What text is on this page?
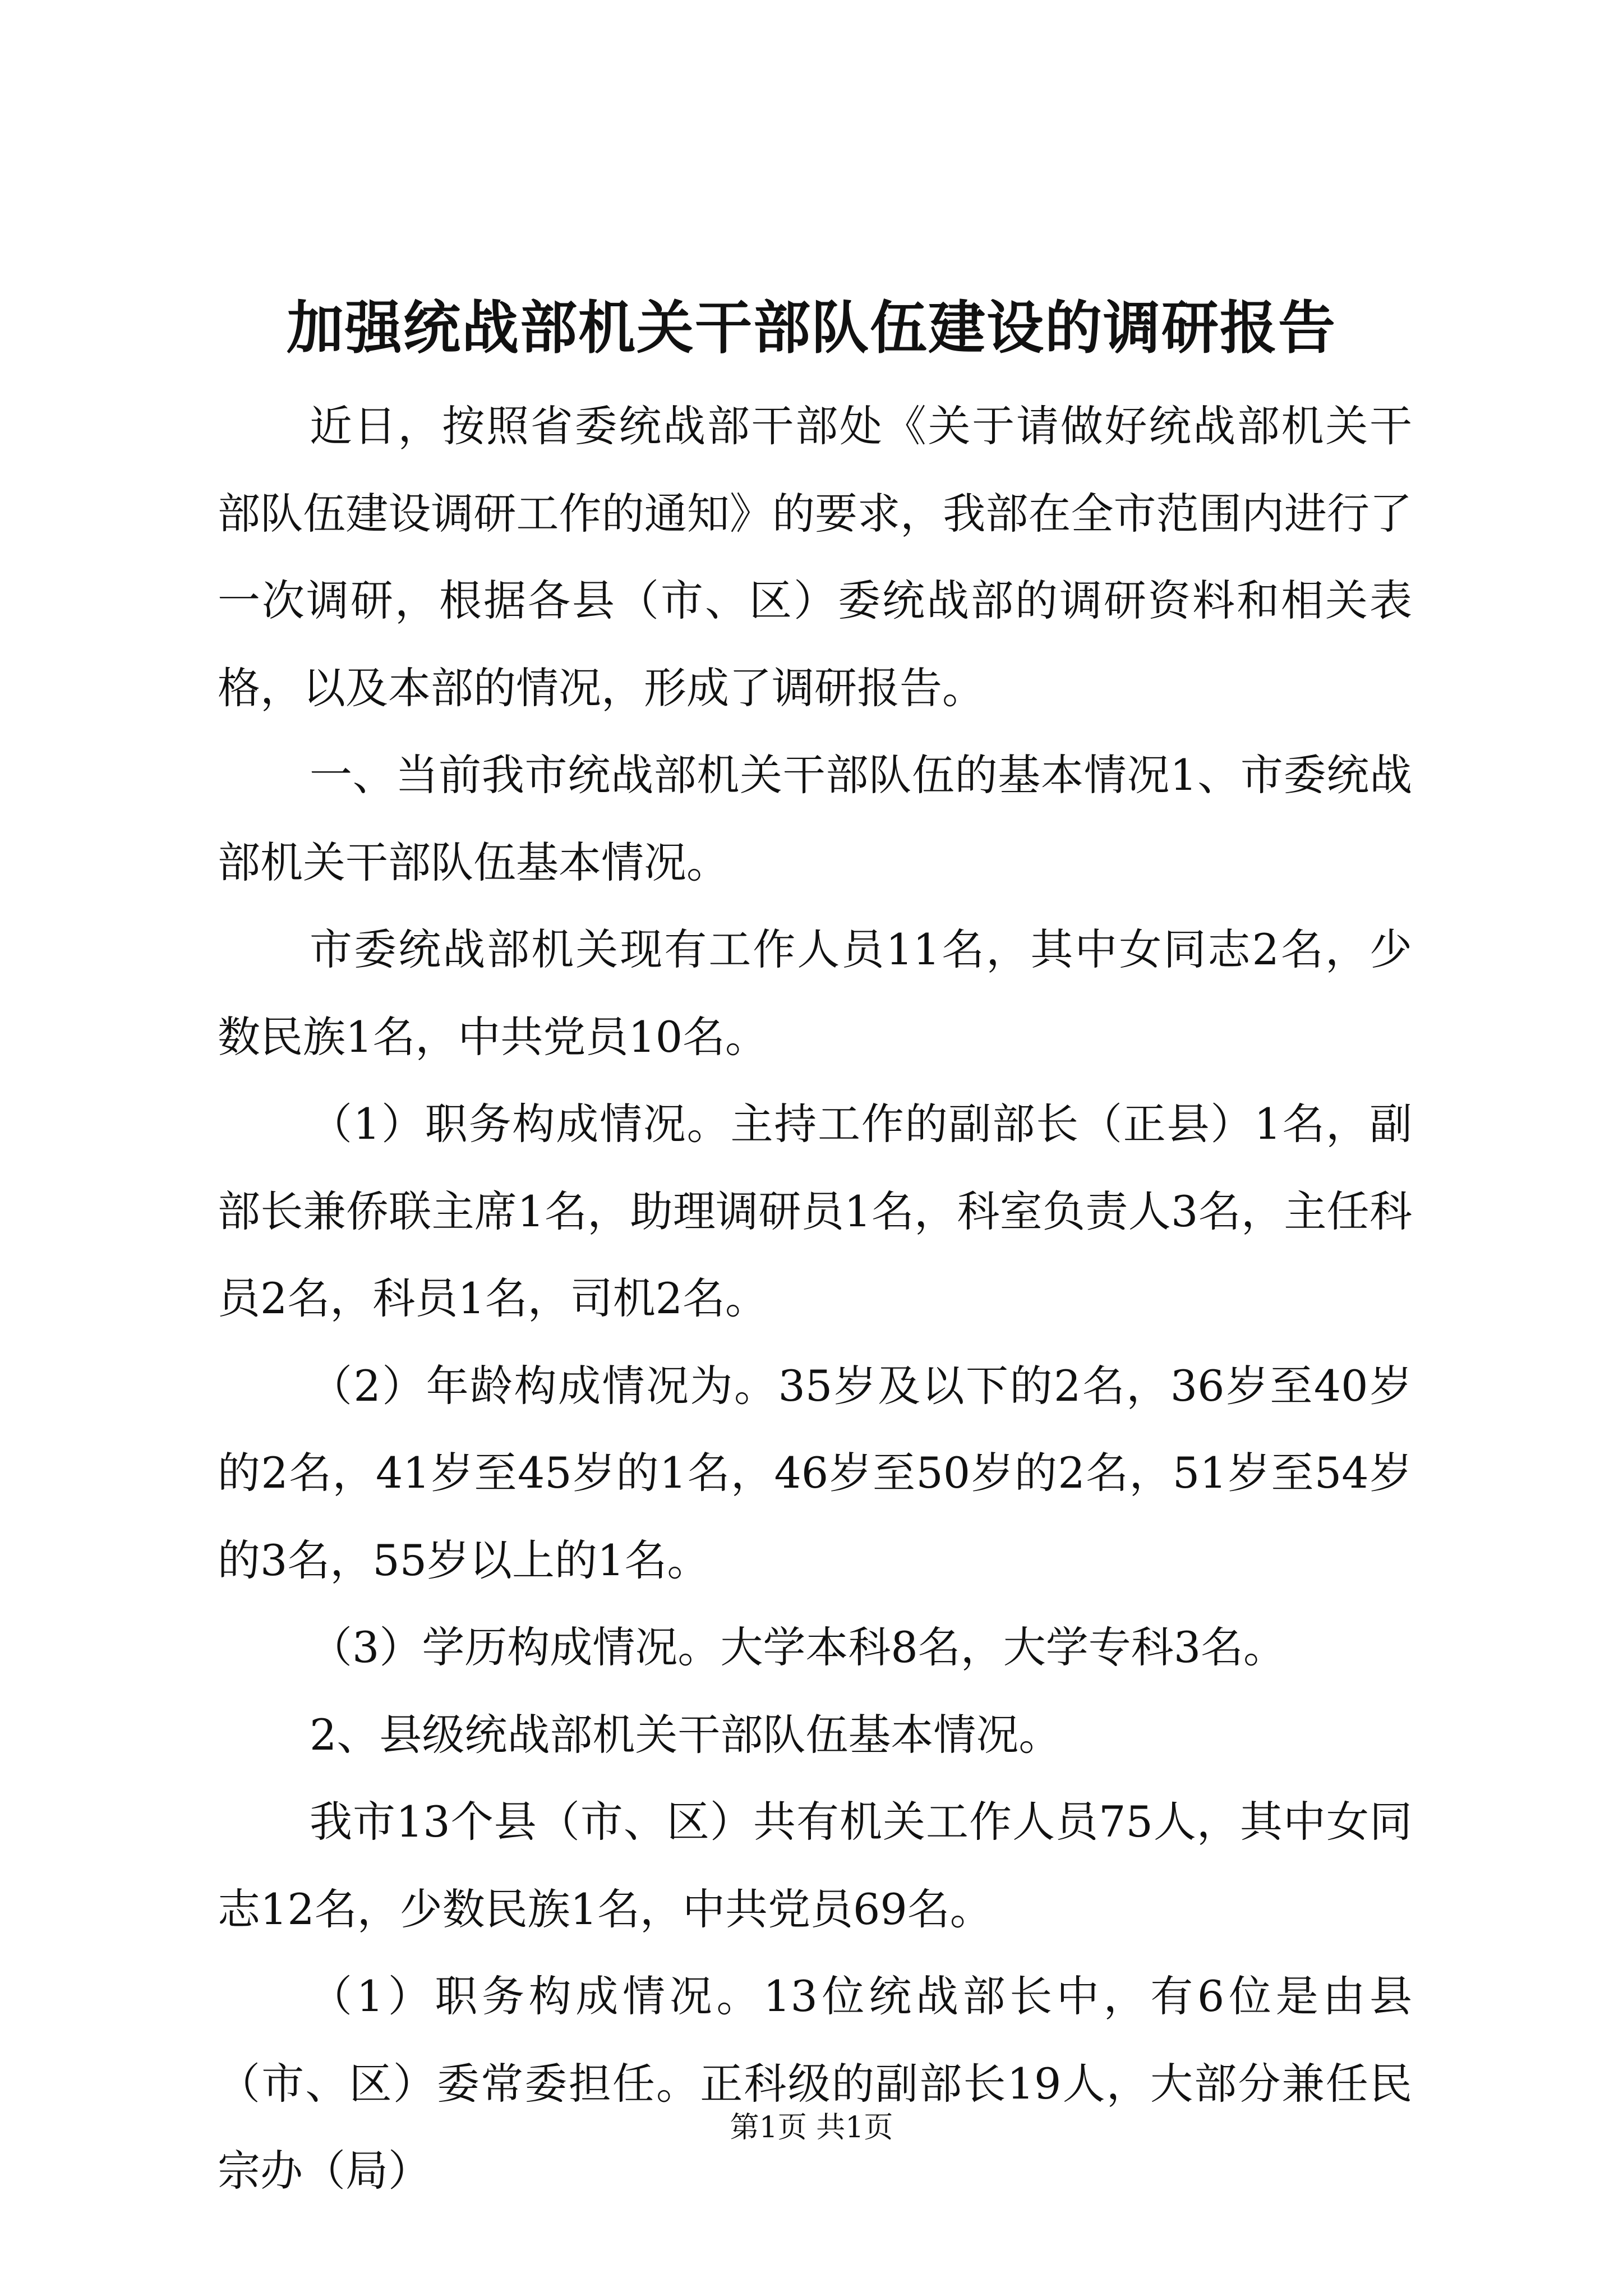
加强统战部机关干部队伍建设的调研报告

近日，按照省委统战部干部处《关于请做好统战部机关干部队伍建设调研工作的通知》的要求，我部在全市范围内进行了一次调研，根据各县（市、区）委统战部的调研资料和相关表格，以及本部的情况，形成了调研报告。

一、当前我市统战部机关干部队伍的基本情况1、市委统战部机关干部队伍基本情况。

市委统战部机关现有工作人员11名，其中女同志2名，少数民族1名，中共党员10名。

（1）职务构成情况。主持工作的副部长（正县）1名，副部长兼侨联主席1名，助理调研员1名，科室负责人3名，主任科员2名，科员1名，司机2名。

（2）年龄构成情况为。35岁及以下的2名，36岁至40岁的2名，41岁至45岁的1名，46岁至50岁的2名，51岁至54岁的3名，55岁以上的1名。

（3）学历构成情况。大学本科8名，大学专科3名。

2、县级统战部机关干部队伍基本情况。

我市13个县（市、区）共有机关工作人员75人，其中女同志12名，少数民族1名，中共党员69名。

（1）职务构成情况。13位统战部长中，有6位是由县（市、区）委常委担任。正科级的副部长19人，大部分兼任民宗办（局）

第1页 共1页
